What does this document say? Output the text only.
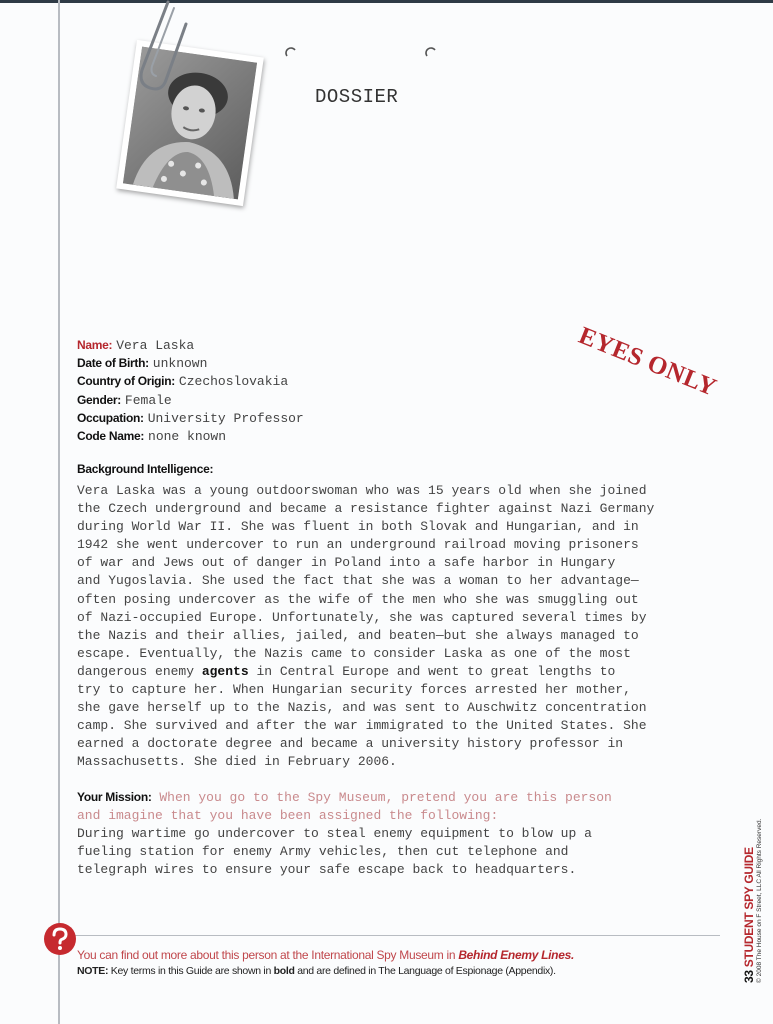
DOSSIER
EYES ONLY
Name: Vera Laska
Date of Birth: unknown
Country of Origin: Czechoslovakia
Gender: Female
Occupation: University Professor
Code Name: none known
Background Intelligence:
Vera Laska was a young outdoorswoman who was 15 years old when she joined
the Czech underground and became a resistance fighter against Nazi Germany
during World War II. She was fluent in both Slovak and Hungarian, and in
1942 she went undercover to run an underground railroad moving prisoners
of war and Jews out of danger in Poland into a safe harbor in Hungary
and Yugoslavia. She used the fact that she was a woman to her advantage—
often posing undercover as the wife of the men who she was smuggling out
of Nazi-occupied Europe. Unfortunately, she was captured several times by
the Nazis and their allies, jailed, and beaten—but she always managed to
escape. Eventually, the Nazis came to consider Laska as one of the most
dangerous enemy agents in Central Europe and went to great lengths to
try to capture her. When Hungarian security forces arrested her mother,
she gave herself up to the Nazis, and was sent to Auschwitz concentration
camp. She survived and after the war immigrated to the United States. She
earned a doctorate degree and became a university history professor in
Massachusetts. She died in February 2006.
Your Mission: When you go to the Spy Museum, pretend you are this person
and imagine that you have been assigned the following:
During wartime go undercover to steal enemy equipment to blow up a
fueling station for enemy Army vehicles, then cut telephone and
telegraph wires to ensure your safe escape back to headquarters.
You can find out more about this person at the International Spy Museum in Behind Enemy Lines.
NOTE: Key terms in this Guide are shown in bold and are defined in The Language of Espionage (Appendix).	33 STUDENT SPY GUIDE © 2008 The House on F Street, LLC All Rights Reserved.
